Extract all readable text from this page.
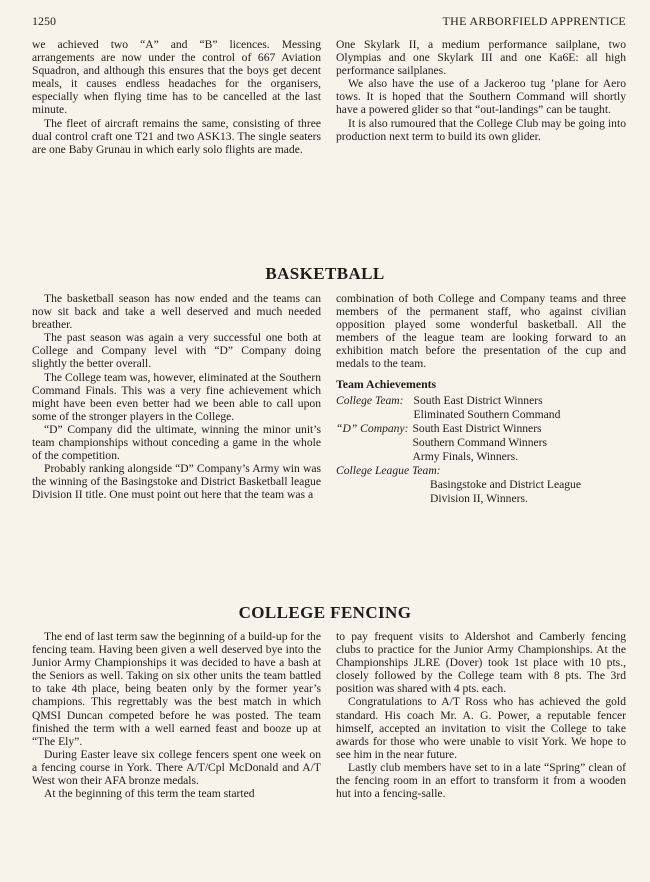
1250	THE ARBORFIELD APPRENTICE

we achieved two “A” and “B” licences. Messing arrangements are now under the control of 667 Aviation Squadron, and although this ensures that the boys get decent meals, it causes endless headaches for the organisers, especially when flying time has to be cancelled at the last minute.

The fleet of aircraft remains the same, consisting of three dual control craft one T21 and two ASK13. The single seaters are one Baby Grunau in which early solo flights are made.

One Skylark II, a medium performance sailplane, two Olympias and one Skylark III and one Ka6E: all high performance sailplanes.

We also have the use of a Jackeroo tug ’plane for Aero tows. It is hoped that the Southern Command will shortly have a powered glider so that “out-landings” can be taught.

It is also rumoured that the College Club may be going into production next term to build its own glider.

BASKETBALL

The basketball season has now ended and the teams can now sit back and take a well deserved and much needed breather.

The past season was again a very successful one both at College and Company level with “D” Company doing slightly the better overall.

The College team was, however, eliminated at the Southern Command Finals. This was a very fine achievement which might have been even better had we been able to call upon some of the stronger players in the College.

“D” Company did the ultimate, winning the minor unit’s team championships without conceding a game in the whole of the competition.

Probably ranking alongside “D” Company’s Army win was the winning of the Basingstoke and District Basketball league Division II title. One must point out here that the team was a

combination of both College and Company teams and three members of the permanent staff, who against civilian opposition played some wonderful basketball. All the members of the league team are looking forward to an exhibition match before the presentation of the cup and medals to the team.

Team Achievements
College Team: South East District Winners
Eliminated Southern Command
“D” Company: South East District Winners
Southern Command Winners
Army Finals, Winners.
College League Team:
Basingstoke and District League
Division II, Winners.
COLLEGE FENCING

The end of last term saw the beginning of a build-up for the fencing team. Having been given a well deserved bye into the Junior Army Championships it was decided to have a bash at the Seniors as well. Taking on six other units the team battled to take 4th place, being beaten only by the former year’s champions. This regrettably was the best match in which QMSI Duncan competed before he was posted. The team finished the term with a well earned feast and booze up at “The Ely”.

During Easter leave six college fencers spent one week on a fencing course in York. There A/T/Cpl McDonald and A/T West won their AFA bronze medals.

At the beginning of this term the team started

to pay frequent visits to Aldershot and Camberly fencing clubs to practice for the Junior Army Championships. At the Championships JLRE (Dover) took 1st place with 10 pts., closely followed by the College team with 8 pts. The 3rd position was shared with 4 pts. each.

Congratulations to A/T Ross who has achieved the gold standard. His coach Mr. A. G. Power, a reputable fencer himself, accepted an invitation to visit the College to take awards for those who were unable to visit York. We hope to see him in the near future.

Lastly club members have set to in a late “Spring” clean of the fencing room in an effort to transform it from a wooden hut into a fencing-salle.
